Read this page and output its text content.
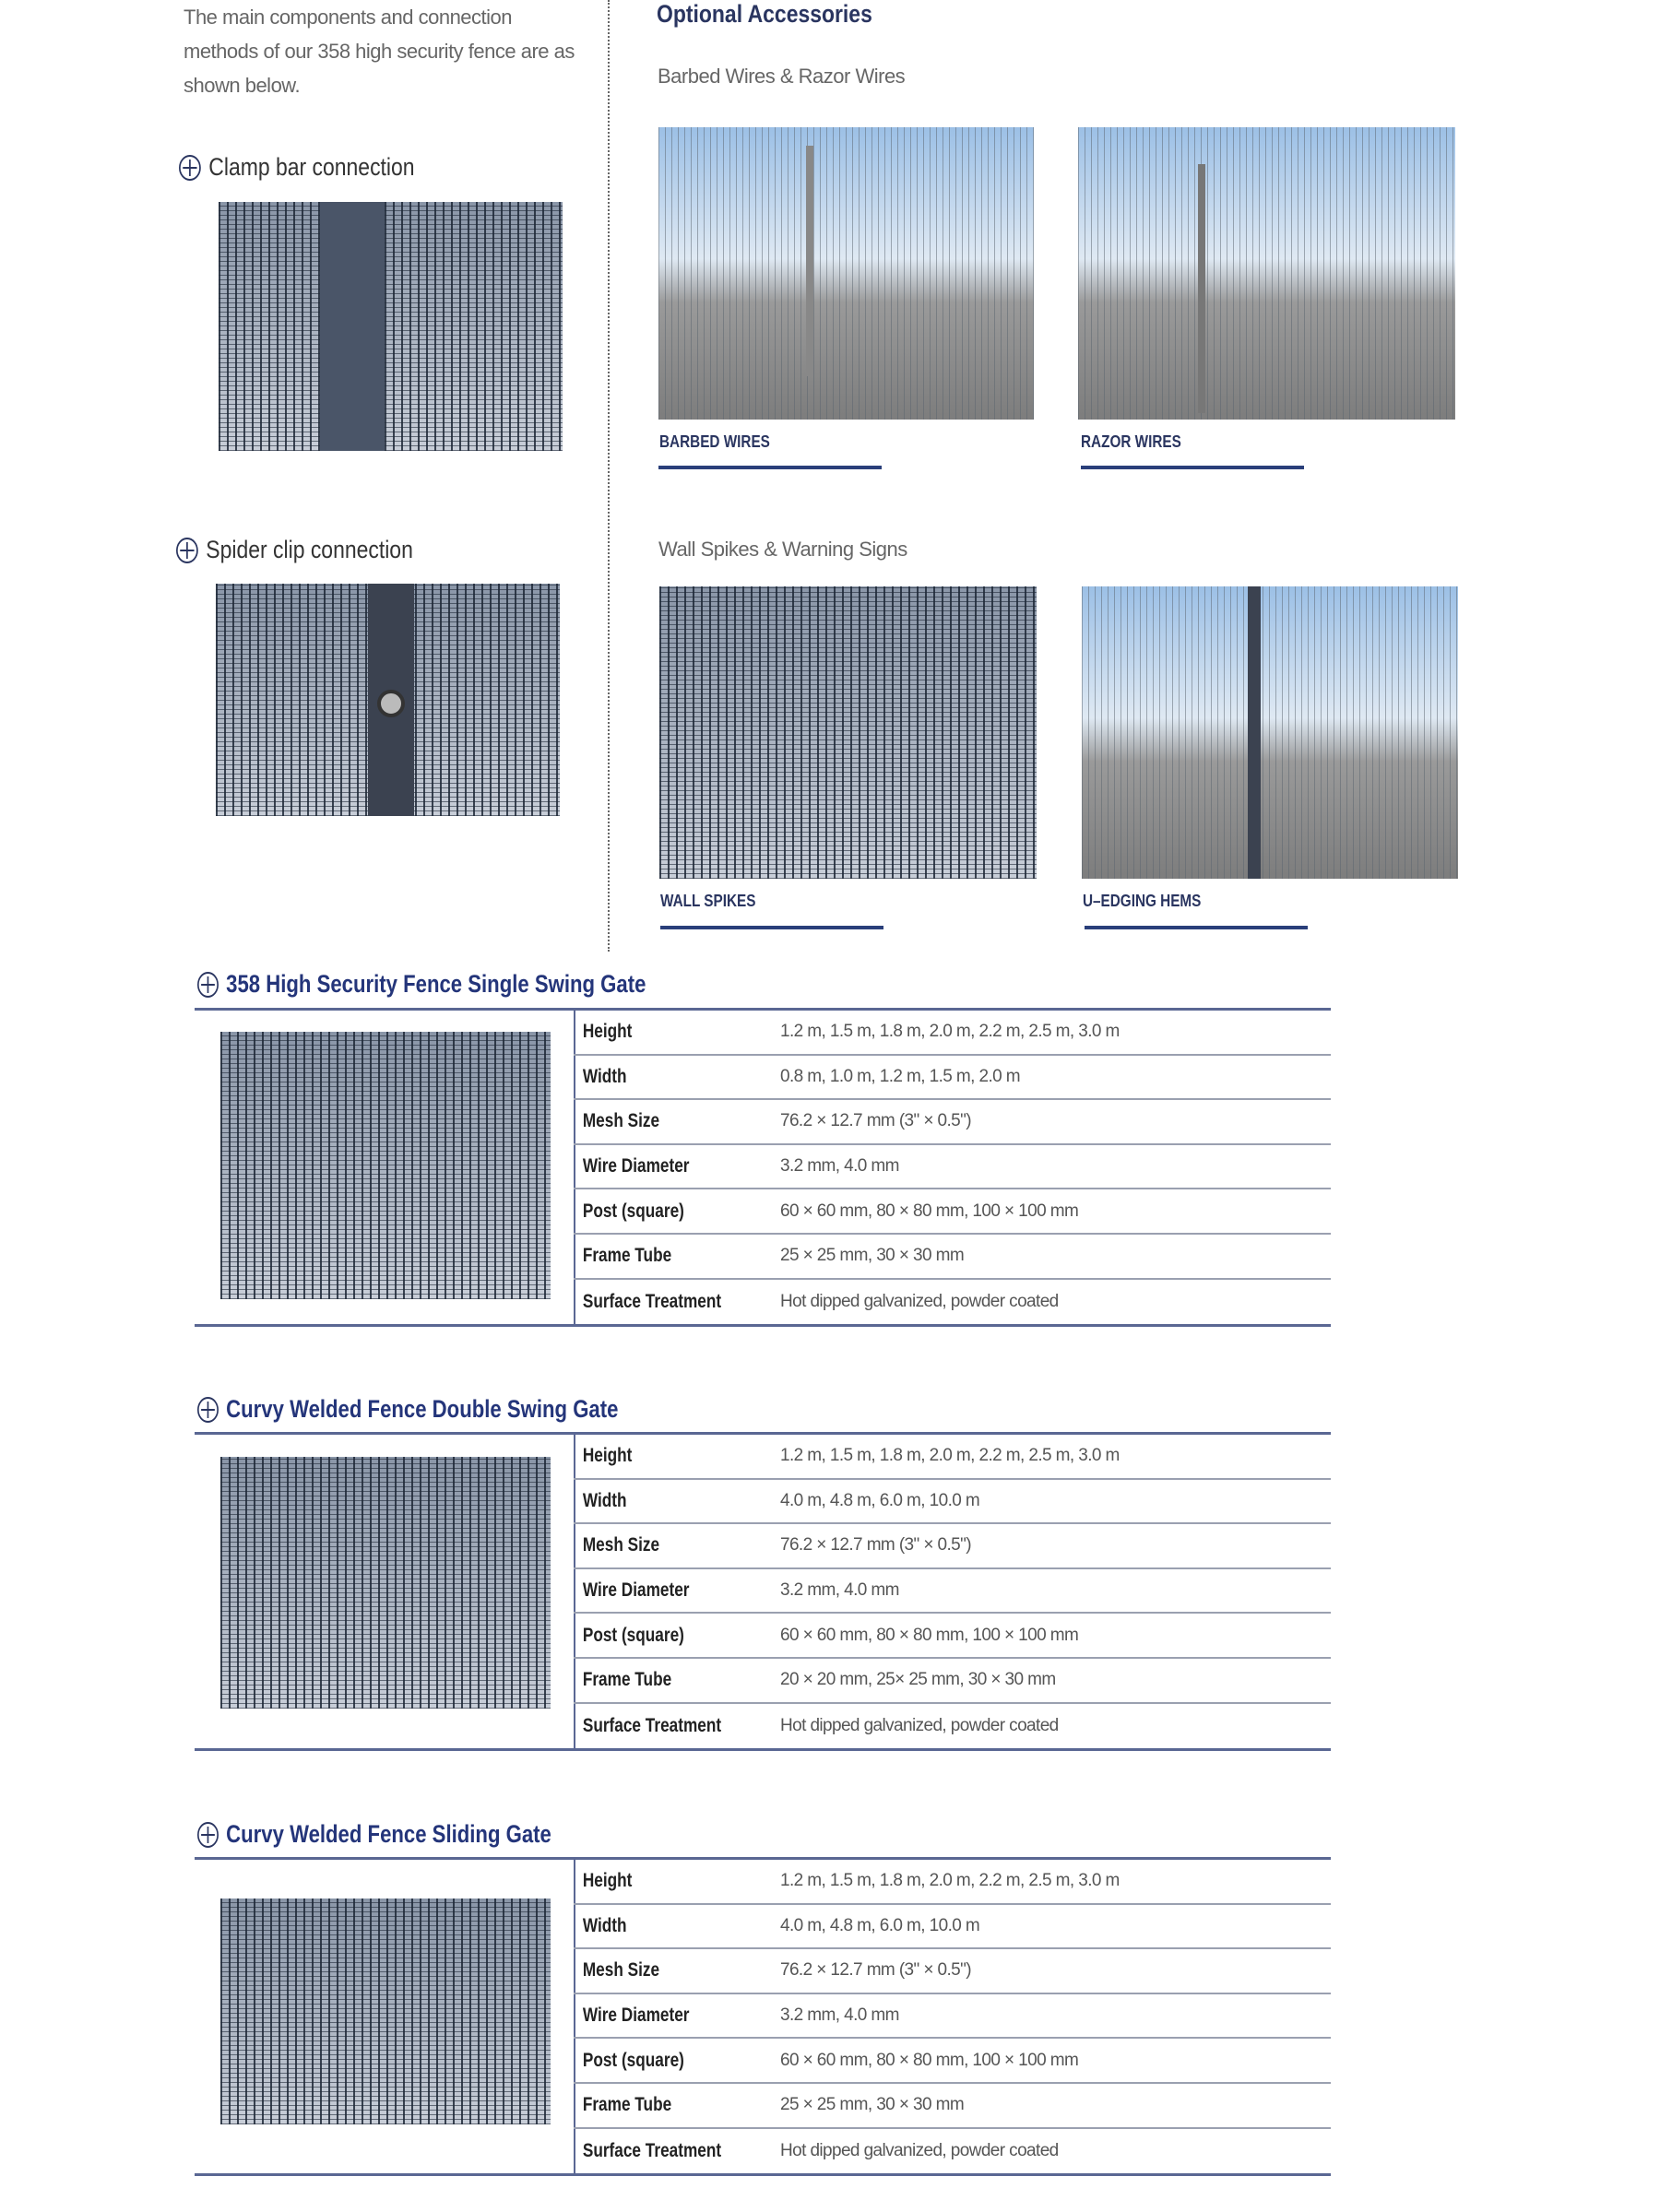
The main components and connection methods of our 358 high security fence are as shown below.

Clamp bar connection
Spider clip connection
Optional Accessories
Barbed Wires & Razor Wires
BARBED WIRES	RAZOR WIRES
Wall Spikes & Warning Signs
WALL SPIKES	U–EDGING HEMS
358 High Security Fence Single Swing Gate
Height	1.2 m, 1.5 m, 1.8 m, 2.0 m, 2.2 m, 2.5 m, 3.0 m
Width	0.8 m, 1.0 m, 1.2 m, 1.5 m, 2.0 m
Mesh Size	76.2 × 12.7 mm (3" × 0.5")
Wire Diameter	3.2 mm, 4.0 mm
Post (square)	60 × 60 mm, 80 × 80 mm, 100 × 100 mm
Frame Tube	25 × 25 mm, 30 × 30 mm
Surface Treatment	Hot dipped galvanized, powder coated
Curvy Welded Fence Double Swing Gate
Height	1.2 m, 1.5 m, 1.8 m, 2.0 m, 2.2 m, 2.5 m, 3.0 m
Width	4.0 m, 4.8 m, 6.0 m, 10.0 m
Mesh Size	76.2 × 12.7 mm (3" × 0.5")
Wire Diameter	3.2 mm, 4.0 mm
Post (square)	60 × 60 mm, 80 × 80 mm, 100 × 100 mm
Frame Tube	20 × 20 mm, 25× 25 mm, 30 × 30 mm
Surface Treatment	Hot dipped galvanized, powder coated
Curvy Welded Fence Sliding Gate
Height	1.2 m, 1.5 m, 1.8 m, 2.0 m, 2.2 m, 2.5 m, 3.0 m
Width	4.0 m, 4.8 m, 6.0 m, 10.0 m
Mesh Size	76.2 × 12.7 mm (3" × 0.5")
Wire Diameter	3.2 mm, 4.0 mm
Post (square)	60 × 60 mm, 80 × 80 mm, 100 × 100 mm
Frame Tube	25 × 25 mm, 30 × 30 mm
Surface Treatment	Hot dipped galvanized, powder coated
